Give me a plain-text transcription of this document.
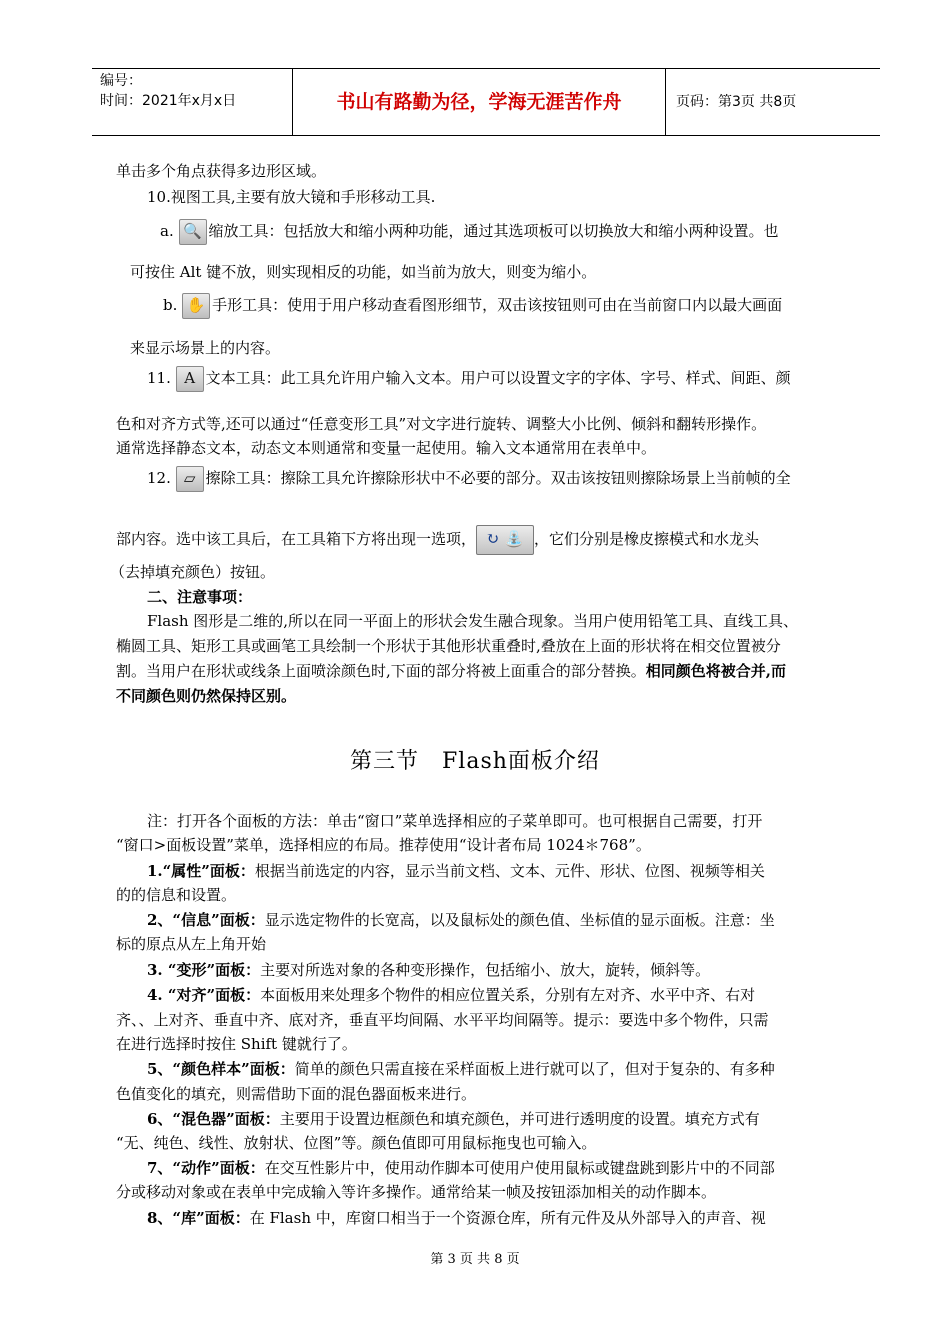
编号：
时间：2021年x月x日	书山有路勤为径，学海无涯苦作舟	页码：第3页 共8页
单击多个角点获得多边形区域。
10.视图工具,主要有放大镜和手形移动工具.
a. 🔍 缩放工具：包括放大和缩小两种功能，通过其选项板可以切换放大和缩小两种设置。也
可按住 Alt 键不放，则实现相反的功能，如当前为放大，则变为缩小。
b. ✋ 手形工具：使用于用户移动查看图形细节，双击该按钮则可由在当前窗口内以最大画面
来显示场景上的内容。
11. A 文本工具：此工具允许用户输入文本。用户可以设置文字的字体、字号、样式、间距、颜
色和对齐方式等,还可以通过“任意变形工具”对文字进行旋转、调整大小比例、倾斜和翻转形操作。
通常选择静态文本，动态文本则通常和变量一起使用。输入文本通常用在表单中。
12. ▱ 擦除工具：擦除工具允许擦除形状中不必要的部分。双击该按钮则擦除场景上当前帧的全
部内容。选中该工具后，在工具箱下方将出现一选项， ↻ ⛲ ，它们分别是橡皮擦模式和水龙头
（去掉填充颜色）按钮。
二、注意事项：
Flash 图形是二维的,所以在同一平面上的形状会发生融合现象。当用户使用铅笔工具、直线工具、
椭圆工具、矩形工具或画笔工具绘制一个形状于其他形状重叠时,叠放在上面的形状将在相交位置被分
割。当用户在形状或线条上面喷涂颜色时,下面的部分将被上面重合的部分替换。相同颜色将被合并,而
不同颜色则仍然保持区别。
第三节　Flash面板介绍
注：打开各个面板的方法：单击“窗口”菜单选择相应的子菜单即可。也可根据自己需要，打开
“窗口>面板设置”菜单，选择相应的布局。推荐使用“设计者布局 1024＊768”。
1.“属性”面板：根据当前选定的内容，显示当前文档、文本、元件、形状、位图、视频等相关
的的信息和设置。
2、“信息”面板：显示选定物件的长宽高，以及鼠标处的颜色值、坐标值的显示面板。注意：坐
标的原点从左上角开始
3. “变形”面板：主要对所选对象的各种变形操作，包括缩小、放大，旋转，倾斜等。
4. “对齐”面板：本面板用来处理多个物件的相应位置关系，分别有左对齐、水平中齐、右对
齐、、上对齐、垂直中齐、底对齐，垂直平均间隔、水平平均间隔等。提示：要选中多个物件，只需
在进行选择时按住 Shift 键就行了。
5、“颜色样本”面板：简单的颜色只需直接在采样面板上进行就可以了，但对于复杂的、有多种
色值变化的填充，则需借助下面的混色器面板来进行。
6、“混色器”面板：主要用于设置边框颜色和填充颜色，并可进行透明度的设置。填充方式有
“无、纯色、线性、放射状、位图”等。颜色值即可用鼠标拖曳也可输入。
7、“动作”面板：在交互性影片中，使用动作脚本可使用户使用鼠标或键盘跳到影片中的不同部
分或移动对象或在表单中完成输入等许多操作。通常给某一帧及按钮添加相关的动作脚本。
8、“库”面板：在 Flash 中，库窗口相当于一个资源仓库，所有元件及从外部导入的声音、视
第 3 页 共 8 页
